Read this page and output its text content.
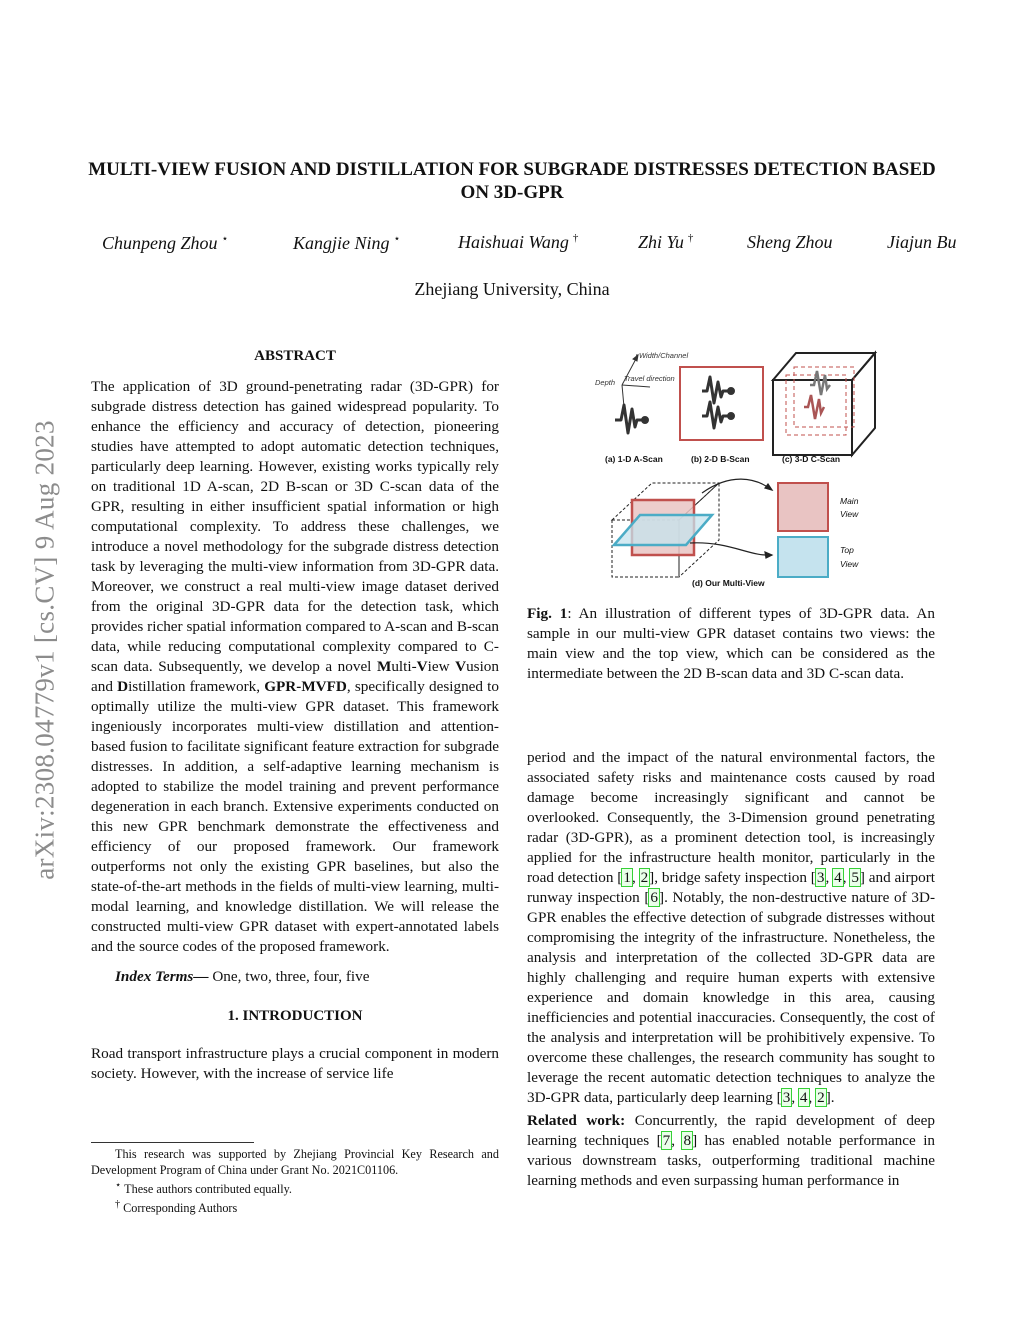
MULTI-VIEW FUSION AND DISTILLATION FOR SUBGRADE DISTRESSES DETECTION BASED ON 3D-GPR
Chunpeng Zhou ⋆	Kangjie Ning ⋆	Haishuai Wang †	Zhi Yu †	Sheng Zhou	Jiajun Bu
Zhejiang University, China
arXiv:2308.04779v1 [cs.CV] 9 Aug 2023
ABSTRACT

The application of 3D ground-penetrating radar (3D-GPR) for subgrade distress detection has gained widespread popularity. To enhance the efficiency and accuracy of detection, pioneering studies have attempted to adopt automatic detection techniques, particularly deep learning. However, existing works typically rely on traditional 1D A-scan, 2D B-scan or 3D C-scan data of the GPR, resulting in either insufficient spatial information or high computational complexity. To address these challenges, we introduce a novel methodology for the subgrade distress detection task by leveraging the multi-view information from 3D-GPR data. Moreover, we construct a real multi-view image dataset derived from the original 3D-GPR data for the detection task, which provides richer spatial information compared to A-scan and B-scan data, while reducing computational complexity compared to C-scan data. Subsequently, we develop a novel Multi-View Vusion and Distillation framework, GPR-MVFD, specifically designed to optimally utilize the multi-view GPR dataset. This framework ingeniously incorporates multi-view distillation and attention-based fusion to facilitate significant feature extraction for subgrade distresses. In addition, a self-adaptive learning mechanism is adopted to stabilize the model training and prevent performance degeneration in each branch. Extensive experiments conducted on this new GPR benchmark demonstrate the effectiveness and efficiency of our proposed framework. Our framework outperforms not only the existing GPR baselines, but also the state-of-the-art methods in the fields of multi-view learning, multi-modal learning, and knowledge distillation. We will release the constructed multi-view GPR dataset with expert-annotated labels and the source codes of the proposed framework.

Index Terms— One, two, three, four, five

1. INTRODUCTION

Road transport infrastructure plays a crucial component in modern society. However, with the increase of service life

This research was supported by Zhejiang Provincial Key Research and Development Program of China under Grant No. 2021C01106.

⋆ These authors contributed equally.

† Corresponding Authors

Width/Channel
Travel direction
Depth
(a) 1-D A-Scan	(b) 2-D B-Scan	(c) 3-D C-Scan
Main
View
Top
View
(d) Our Multi-View
Fig. 1: An illustration of different types of 3D-GPR data. An sample in our multi-view GPR dataset contains two views: the main view and the top view, which can be considered as the intermediate between the 2D B-scan data and 3D C-scan data.

period and the impact of the natural environmental factors, the associated safety risks and maintenance costs caused by road damage become increasingly significant and cannot be overlooked. Consequently, the 3-Dimension ground penetrating radar (3D-GPR), as a prominent detection tool, is increasingly applied for the infrastructure health monitor, particularly in the road detection [1, 2], bridge safety inspection [3, 4, 5] and airport runway inspection [6]. Notably, the non-destructive nature of 3D-GPR enables the effective detection of subgrade distresses without compromising the integrity of the infrastructure. Nonetheless, the analysis and interpretation of the collected 3D-GPR data are highly challenging and require human experts with extensive experience and domain knowledge in this area, causing inefficiencies and potential inaccuracies. Consequently, the cost of the analysis and interpretation will be prohibitively expensive. To overcome these challenges, the research community has sought to leverage the recent automatic detection techniques to analyze the 3D-GPR data, particularly deep learning [3, 4, 2].

Related work: Concurrently, the rapid development of deep learning techniques [7, 8] has enabled notable performance in various downstream tasks, outperforming traditional machine learning methods and even surpassing human performance in
